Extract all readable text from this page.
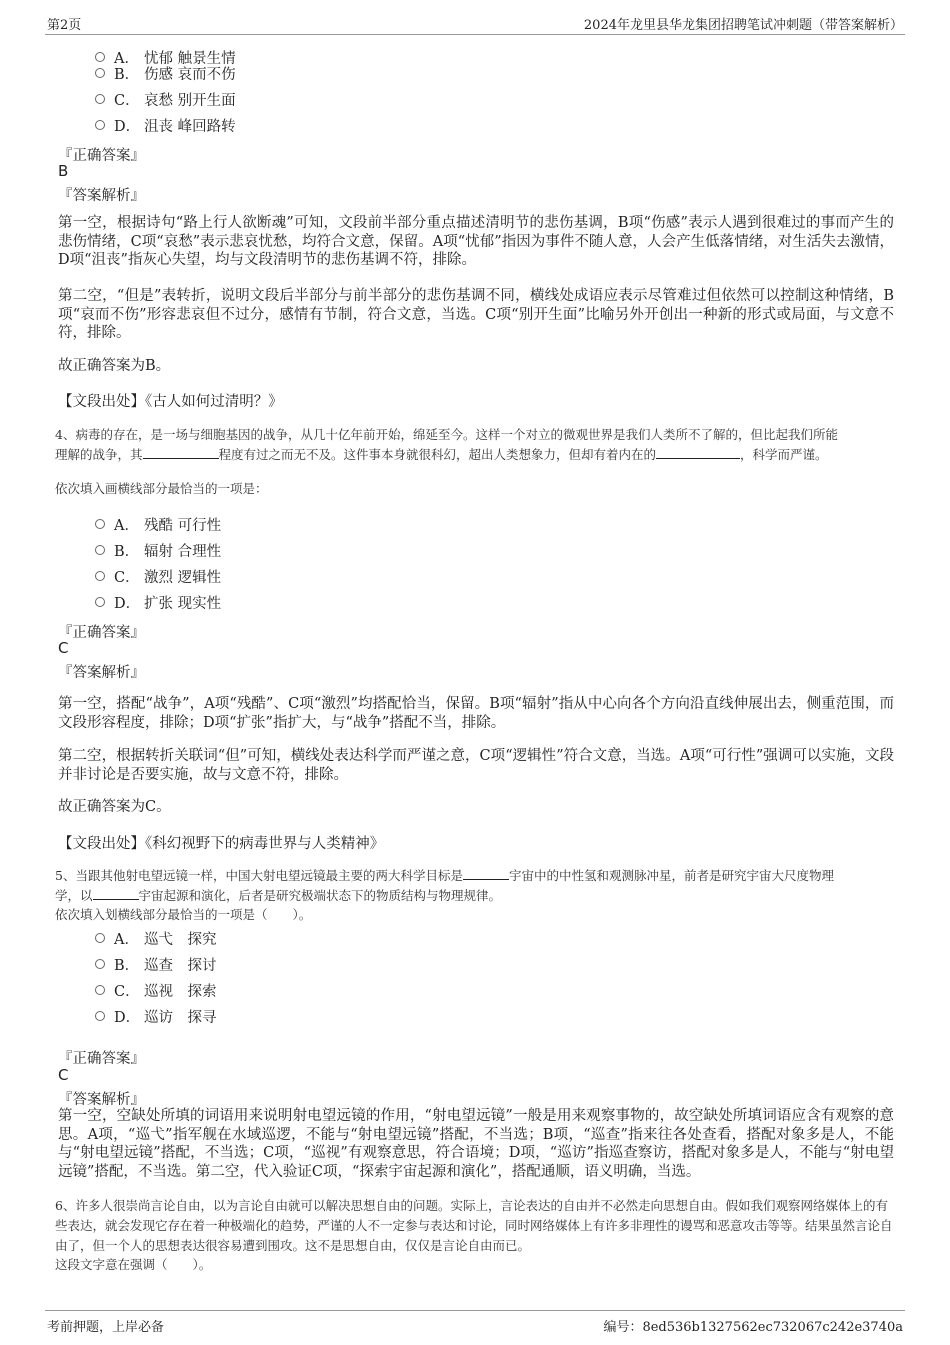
第2页	2024年龙里县华龙集团招聘笔试冲刺题（带答案解析）
A． 忧郁 触景生情
B． 伤感 哀而不伤
C． 哀愁 别开生面
D． 沮丧 峰回路转
『正确答案』
B
『答案解析』

第一空，根据诗句“路上行人欲断魂”可知，文段前半部分重点描述清明节的悲伤基调，B项“伤感”表示人遇到很难过的事而产生的悲伤情绪，C项“哀愁”表示悲哀忧愁，均符合文意，保留。A项“忧郁”指因为事件不随人意，人会产生低落情绪，对生活失去激情，D项“沮丧”指灰心失望，均与文段清明节的悲伤基调不符，排除。

第二空，“但是”表转折，说明文段后半部分与前半部分的悲伤基调不同，横线处成语应表示尽管难过但依然可以控制这种情绪，B项“哀而不伤”形容悲哀但不过分，感情有节制，符合文意，当选。C项“别开生面”比喻另外开创出一种新的形式或局面，与文意不符，排除。

故正确答案为B。

【文段出处】《古人如何过清明？》

4、病毒的存在，是一场与细胞基因的战争，从几十亿年前开始，绵延至今。这样一个对立的微观世界是我们人类所不了解的，但比起我们所能
理解的战争，其	程度有过之而无不及。这件事本身就很科幻，超出人类想象力，但却有着内在的	，科学而严谨。

依次填入画横线部分最恰当的一项是：

A． 残酷 可行性
B． 辐射 合理性
C． 激烈 逻辑性
D． 扩张 现实性
『正确答案』
C
『答案解析』

第一空，搭配“战争”，A项“残酷”、C项“激烈”均搭配恰当，保留。B项“辐射”指从中心向各个方向沿直线伸展出去，侧重范围，而文段形容程度，排除；D项“扩张”指扩大，与“战争”搭配不当，排除。

第二空，根据转折关联词“但”可知，横线处表达科学而严谨之意，C项“逻辑性”符合文意，当选。A项“可行性”强调可以实施，文段并非讨论是否要实施，故与文意不符，排除。

故正确答案为C。

【文段出处】《科幻视野下的病毒世界与人类精神》

5、当跟其他射电望远镜一样，中国大射电望远镜最主要的两大科学目标是	宇宙中的中性氢和观测脉冲星，前者是研究宇宙大尺度物理
学，以	宇宙起源和演化，后者是研究极端状态下的物质结构与物理规律。

依次填入划横线部分最恰当的一项是（　　）。

A． 巡弋　探究
B． 巡查　探讨
C． 巡视　探索
D． 巡访　探寻
『正确答案』
C
『答案解析』

第一空，空缺处所填的词语用来说明射电望远镜的作用，“射电望远镜”一般是用来观察事物的，故空缺处所填词语应含有观察的意思。A项，“巡弋”指军舰在水域巡逻，不能与“射电望远镜”搭配，不当选；B项，“巡查”指来往各处查看，搭配对象多是人，不能与“射电望远镜”搭配，不当选；C项，“巡视”有观察意思，符合语境；D项，“巡访”指巡查察访，搭配对象多是人，不能与“射电望远镜”搭配，不当选。第二空，代入验证C项，“探索宇宙起源和演化”，搭配通顺，语义明确，当选。

6、许多人很崇尚言论自由，以为言论自由就可以解决思想自由的问题。实际上，言论表达的自由并不必然走向思想自由。假如我们观察网络媒体上的有些表达，就会发现它存在着一种极端化的趋势，严谨的人不一定参与表达和讨论，同时网络媒体上有许多非理性的谩骂和恶意攻击等等。结果虽然言论自由了，但一个人的思想表达很容易遭到围攻。这不是思想自由，仅仅是言论自由而已。

这段文字意在强调（　　）。

考前押题，上岸必备	编号：8ed536b1327562ec732067c242e3740a
